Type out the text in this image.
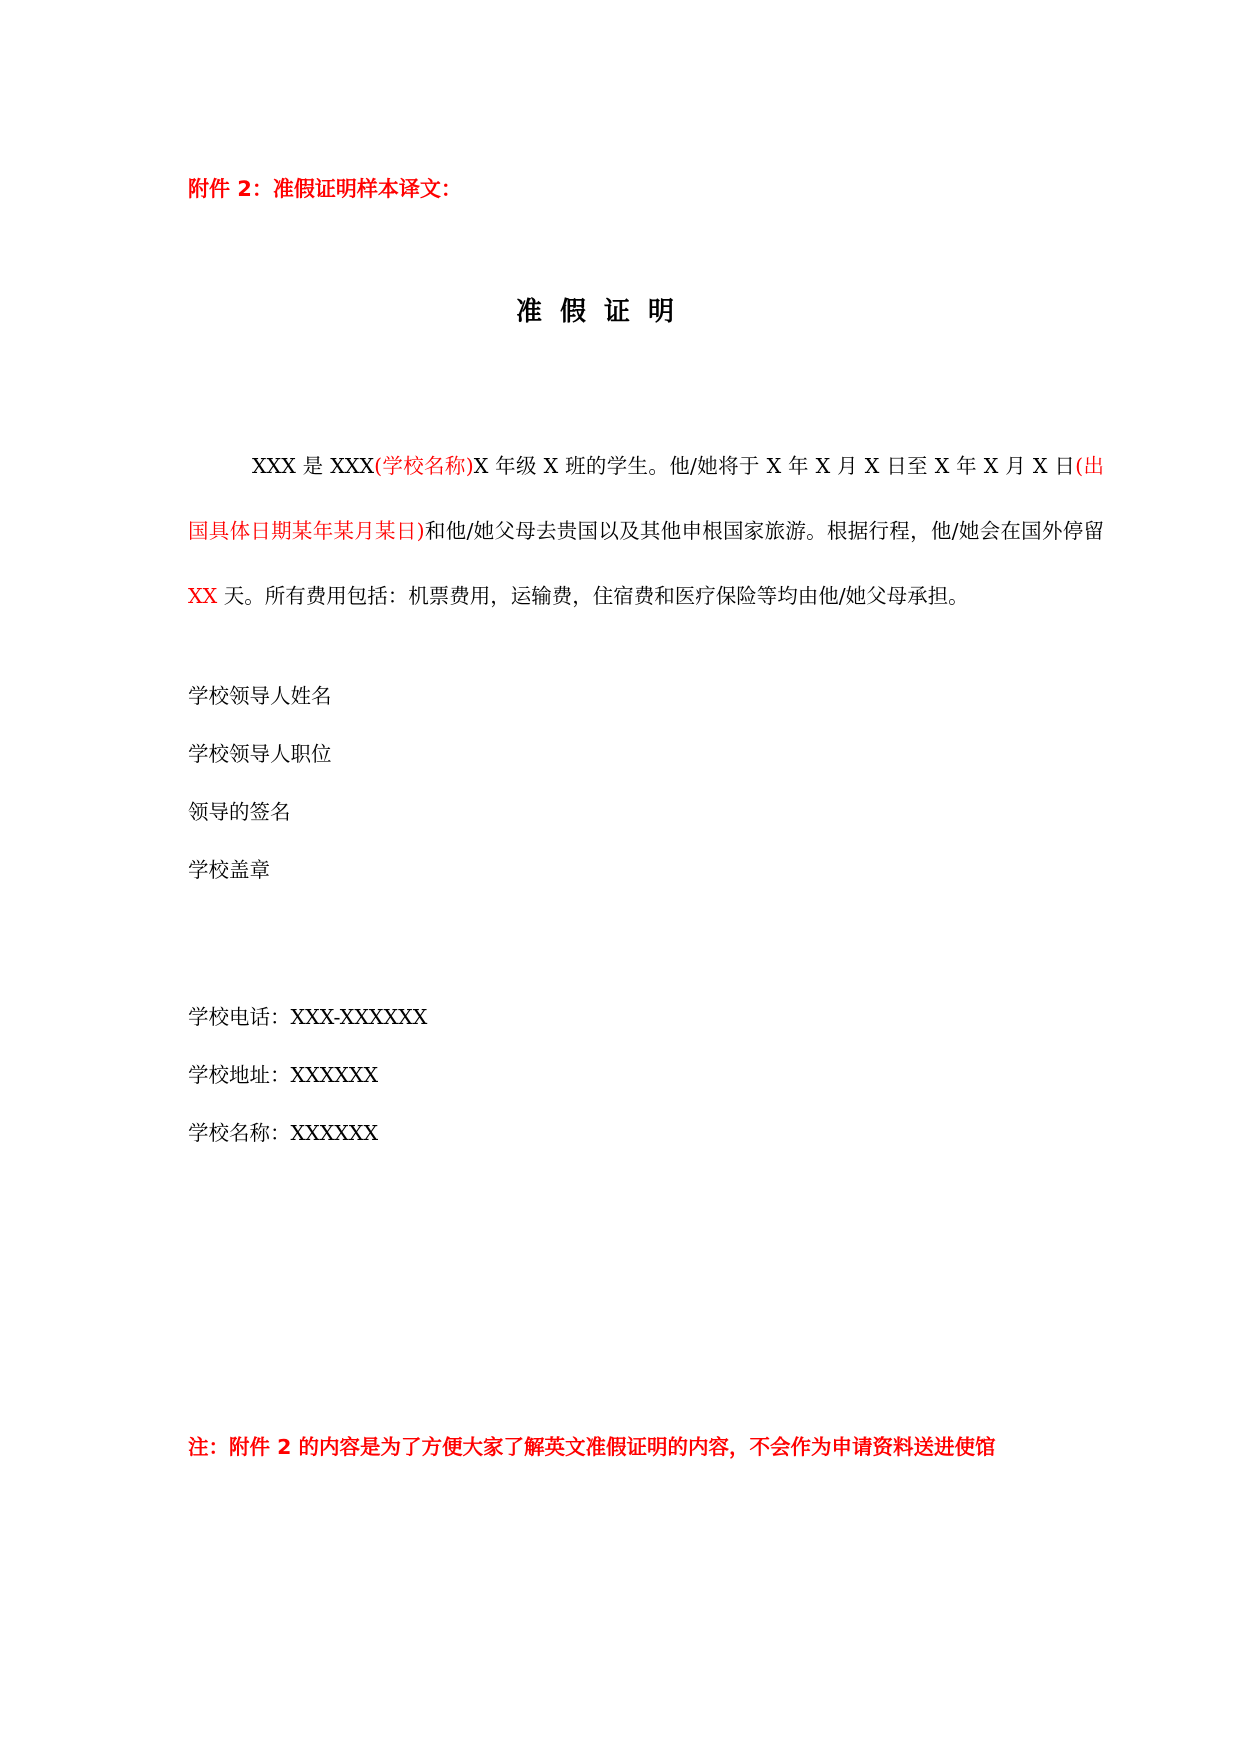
附件 2：准假证明样本译文：
准假证明

XXX 是 XXX(学校名称)X 年级 X 班的学生。他/她将于 X 年 X 月 X 日至 X 年 X 月 X 日(出国具体日期某年某月某日)和他/她父母去贵国以及其他申根国家旅游。根据行程，他/她会在国外停留 XX 天。所有费用包括：机票费用，运输费，住宿费和医疗保险等均由他/她父母承担。

学校领导人姓名
学校领导人职位
领导的签名
学校盖章
学校电话：XXX-XXXXXX
学校地址：XXXXXX
学校名称：XXXXXX
注：附件 2 的内容是为了方便大家了解英文准假证明的内容，不会作为申请资料送进使馆
